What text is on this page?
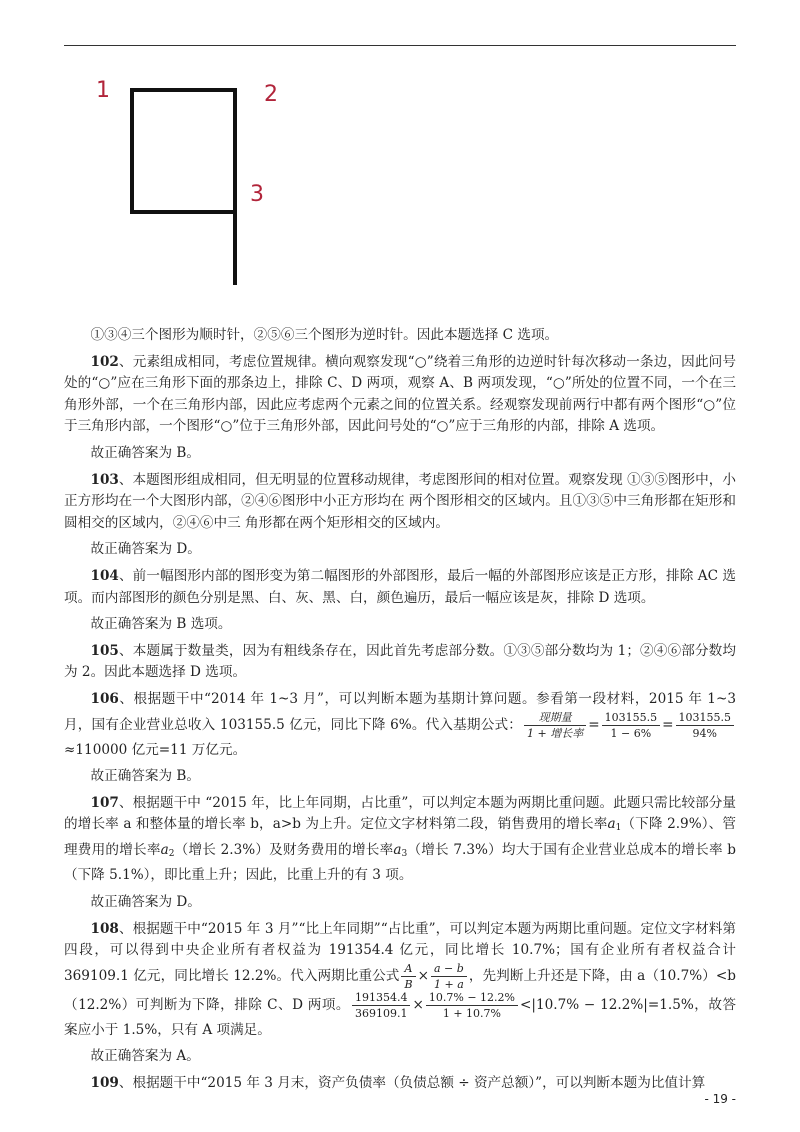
1	2
3

①③④三个图形为顺时针，②⑤⑥三个图形为逆时针。因此本题选择 C 选项。

102、元素组成相同，考虑位置规律。横向观察发现“○”绕着三角形的边逆时针每次移动一条边，因此问号处的“○”应在三角形下面的那条边上，排除 C、D 两项，观察 A、B 两项发现，“○”所处的位置不同，一个在三角形外部，一个在三角形内部，因此应考虑两个元素之间的位置关系。经观察发现前两行中都有两个图形“○”位于三角形内部，一个图形“○”位于三角形外部，因此问号处的“○”应于三角形的内部，排除 A 选项。

故正确答案为 B。

103、本题图形组成相同，但无明显的位置移动规律，考虑图形间的相对位置。观察发现 ①③⑤图形中，小正方形均在一个大图形内部，②④⑥图形中小正方形均在 两个图形相交的区域内。且①③⑤中三角形都在矩形和圆相交的区域内，②④⑥中三 角形都在两个矩形相交的区域内。

故正确答案为 D。

104、前一幅图形内部的图形变为第二幅图形的外部图形，最后一幅的外部图形应该是正方形，排除 AC 选项。而内部图形的颜色分别是黑、白、灰、黑、白，颜色遍历，最后一幅应该是灰，排除 D 选项。

故正确答案为 B 选项。

105、本题属于数量类，因为有粗线条存在，因此首先考虑部分数。①③⑤部分数均为 1；②④⑥部分数均为 2。因此本题选择 D 选项。

106、根据题干中“2014 年 1~3 月”，可以判断本题为基期计算问题。参看第一段材料，2015 年 1~3 月，国有企业营业总收入 103155.5 亿元，同比下降 6%。代入基期公式： $\frac{\text{现期量}}{\text{1 + 增长率}} = \frac{103155.5}{1 - 6\%} = \frac{103155.5}{94\%}$
≈110000 亿元=11 万亿元。

故正确答案为 B。

107、根据题干中 “2015 年，比上年同期，占比重”，可以判定本题为两期比重问题。此题只需比较部分量的增长率 a 和整体量的增长率 b，a>b 为上升。定位文字材料第二段，销售费用的增长率$a_1$（下降 2.9%）、管理费用的增长率$a_2$（增长 2.3%）及财务费用的增长率$a_3$（增长 7.3%）均大于国有企业营业总成本的增长率 b（下降 5.1%），即比重上升；因此，比重上升的有 3 项。

故正确答案为 D。

108、根据题干中“2015 年 3 月”“比上年同期”“占比重”，可以判定本题为两期比重问题。定位文字材料第四段，可以得到中央企业所有者权益为 191354.4 亿元，同比增长 10.7%；国有企业所有者权益合计 369109.1 亿元，同比增长 12.2%。代入两期比重公式 $\frac{A}{B} \times \frac{a - b}{1 + a}$ ，先判断上升还是下降，由 a（10.7%）<b（12.2%）可判断为下降，排除 C、D 两项。 $\frac{191354.4}{369109.1} \times \frac{10.7\% - 12.2\%}{1 + 10.7\%} <|10.7\% - 12.2\%|=1.5\%$，故答案应小于 1.5%，只有 A 项满足。

故正确答案为 A。

109、根据题干中“2015 年 3 月末，资产负债率（负债总额 ÷ 资产总额）”，可以判断本题为比值计算

- 19 -
